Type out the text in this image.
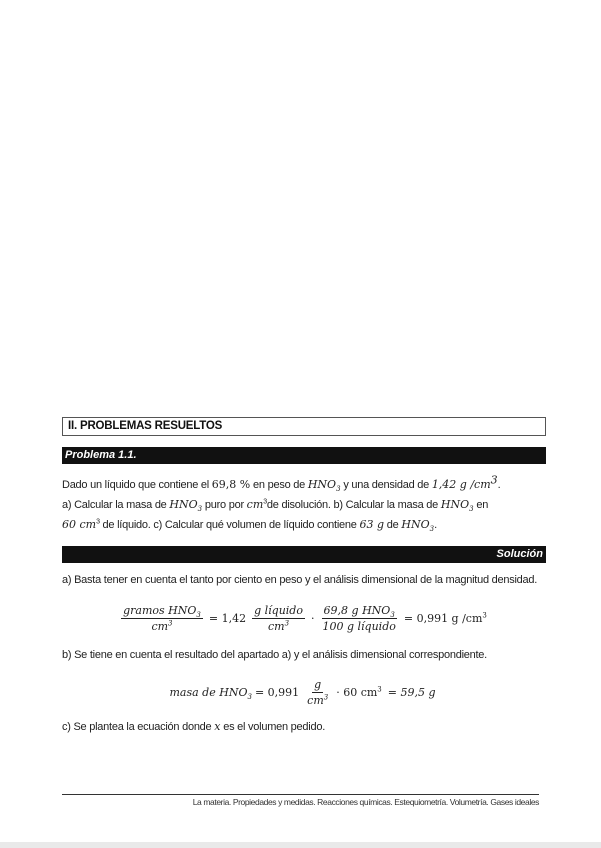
II. PROBLEMAS RESUELTOS
Problema 1.1.

Dado un líquido que contiene el 69,8 % en peso de $HNO_3$ y una densidad de 1,42 g $/cm^3$.

a) Calcular la masa de $HNO_3$ puro por $cm^3de$ disolución. b) Calcular la masa de $HNO_3$ en

60 $cm^3$ de líquido. c) Calcular qué volumen de líquido contiene 63 g de $HNO_3$.

Solución

a) Basta tener en cuenta el tanto por ciento en peso y el análisis dimensional de la magnitud densidad.

$\frac{gramos HNO_3}{cm^3} = 1,42 \frac{\text{g líquido}}{cm^3} \cdot \frac{69,8 g HNO_3}{\text{100 g líquido}} = 0,991$ g $/cm^3$

b) Se tiene en cuenta el resultado del apartado a) y el análisis dimensional correspondiente.

masa de $HNO_3 = 0,991 \frac{g}{cm^3} \cdot 60$ $cm^3 = 59,5$ g

c) Se plantea la ecuación donde x es el volumen pedido.

La materia. Propiedades y medidas. Reacciones químicas. Estequiometría. Volumetría. Gases ideales
